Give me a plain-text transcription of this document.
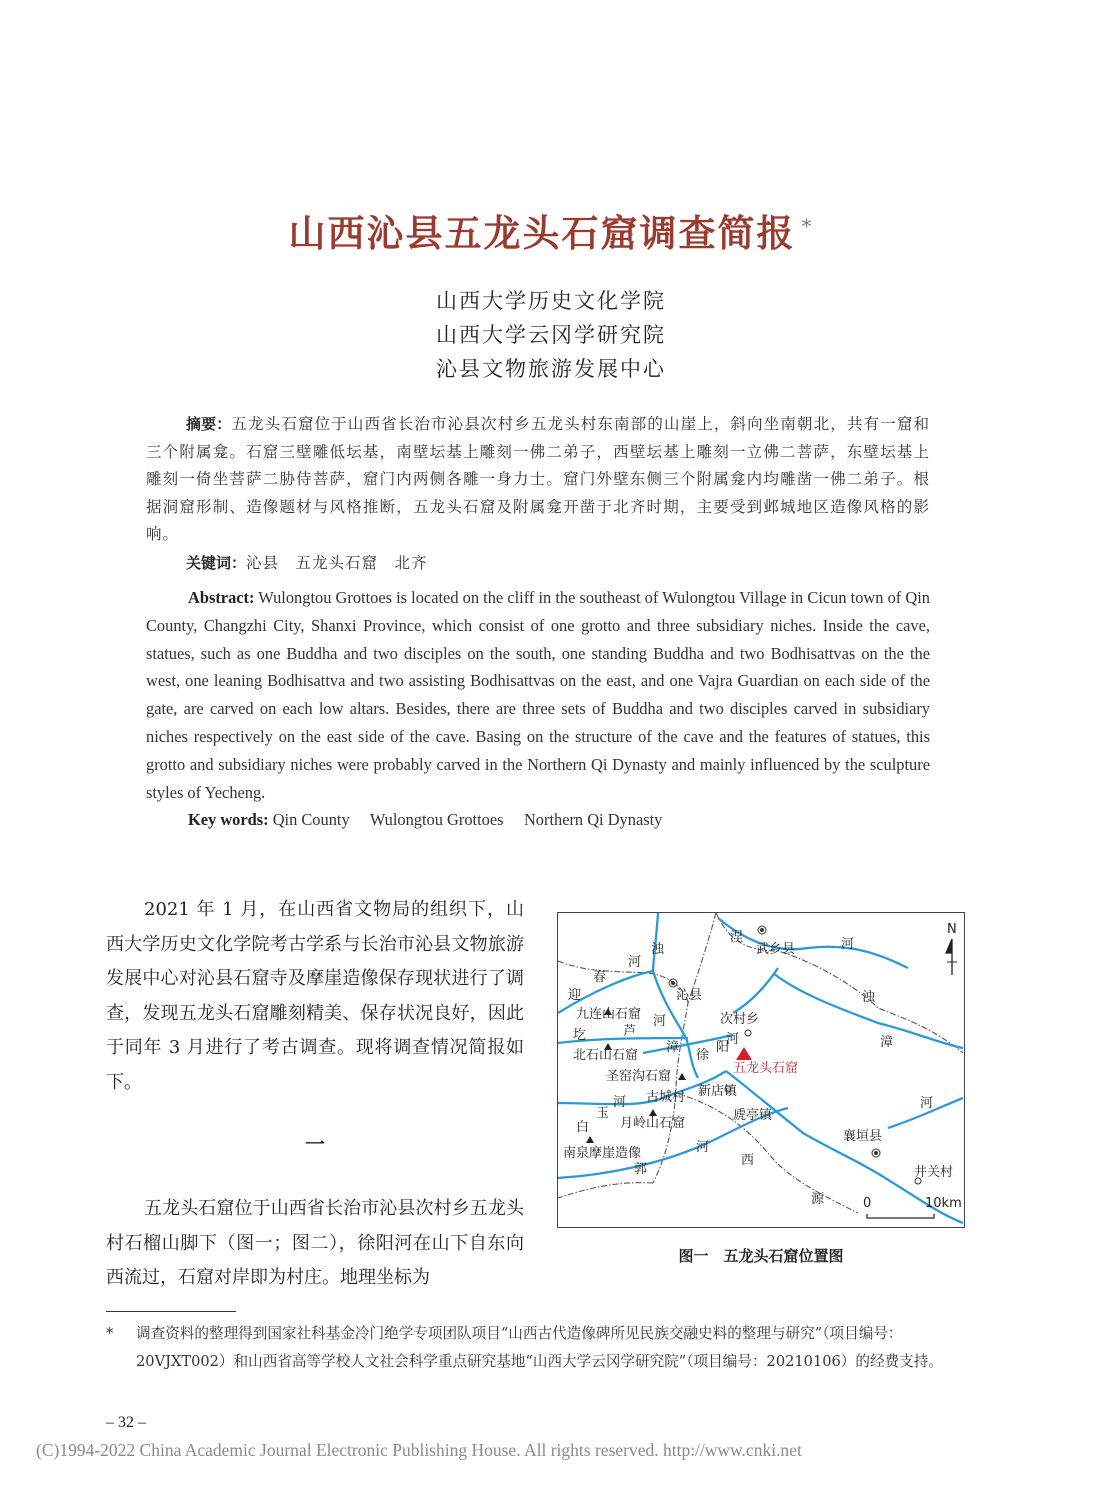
山西沁县五龙头石窟调查简报 *
山西大学历史文化学院
山西大学云冈学研究院
沁县文物旅游发展中心
摘要：五龙头石窟位于山西省长治市沁县次村乡五龙头村东南部的山崖上，斜向坐南朝北，共有一窟和三个附属龛。石窟三壁雕低坛基，南壁坛基上雕刻一佛二弟子，西壁坛基上雕刻一立佛二菩萨，东壁坛基上雕刻一倚坐菩萨二胁侍菩萨，窟门内两侧各雕一身力士。窟门外壁东侧三个附属龛内均雕凿一佛二弟子。根据洞窟形制、造像题材与风格推断，五龙头石窟及附属龛开凿于北齐时期，主要受到邺城地区造像风格的影响。
关键词：沁县　五龙头石窟　北齐
Abstract: Wulongtou Grottoes is located on the cliff in the southeast of Wulongtou Village in Cicun town of Qin County, Changzhi City, Shanxi Province, which consist of one grotto and three subsidiary niches. Inside the cave, statues, such as one Buddha and two disciples on the south, one standing Buddha and two Bodhisattvas on the the west, one leaning Bodhisattva and two assisting Bodhisattvas on the east, and one Vajra Guardian on each side of the gate, are carved on each low altars. Besides, there are three sets of Buddha and two disciples carved in subsidiary niches respectively on the east side of the cave. Basing on the structure of the cave and the features of statues, this grotto and subsidiary niches were probably carved in the Northern Qi Dynasty and mainly influenced by the sculpture styles of Yecheng.
Key words: Qin County　 Wulongtou Grottoes　 Northern Qi Dynasty
2021 年 1 月，在山西省文物局的组织下，山西大学历史文化学院考古学系与长治市沁县文物旅游发展中心对沁县石窟寺及摩崖造像保存现状进行了调查，发现五龙头石窟雕刻精美、保存状况良好，因此于同年 3 月进行了考古调查。现将调查情况简报如下。
一
五龙头石窟位于山西省长治市沁县次村乡五龙头村石榴山脚下（图一；图二），徐阳河在山下自东向西流过，石窟对岸即为村庄。地理坐标为
N
0	10km
涅
武乡县	河
浊
河
沁县
春
迎
九连山石窟
芦
河	次村乡
河
浊
漳
圪
北石山石窟
漳
徐
阳
五龙头石窟
圣窑沟石窟
新店镇
白
玉
河 古城村
月岭山石窟
虒亭镇
河
襄垣县
南泉摩崖造像	河
西
郭	井关村
源
图一　五龙头石窟位置图
* 调查资料的整理得到国家社科基金冷门绝学专项团队项目“山西古代造像碑所见民族交融史料的整理与研究”（项目编号：20VJXT002）和山西省高等学校人文社会科学重点研究基地“山西大学云冈学研究院”（项目编号：20210106）的经费支持。
– 32 –
(C)1994-2022 China Academic Journal Electronic Publishing House. All rights reserved. http://www.cnki.net
